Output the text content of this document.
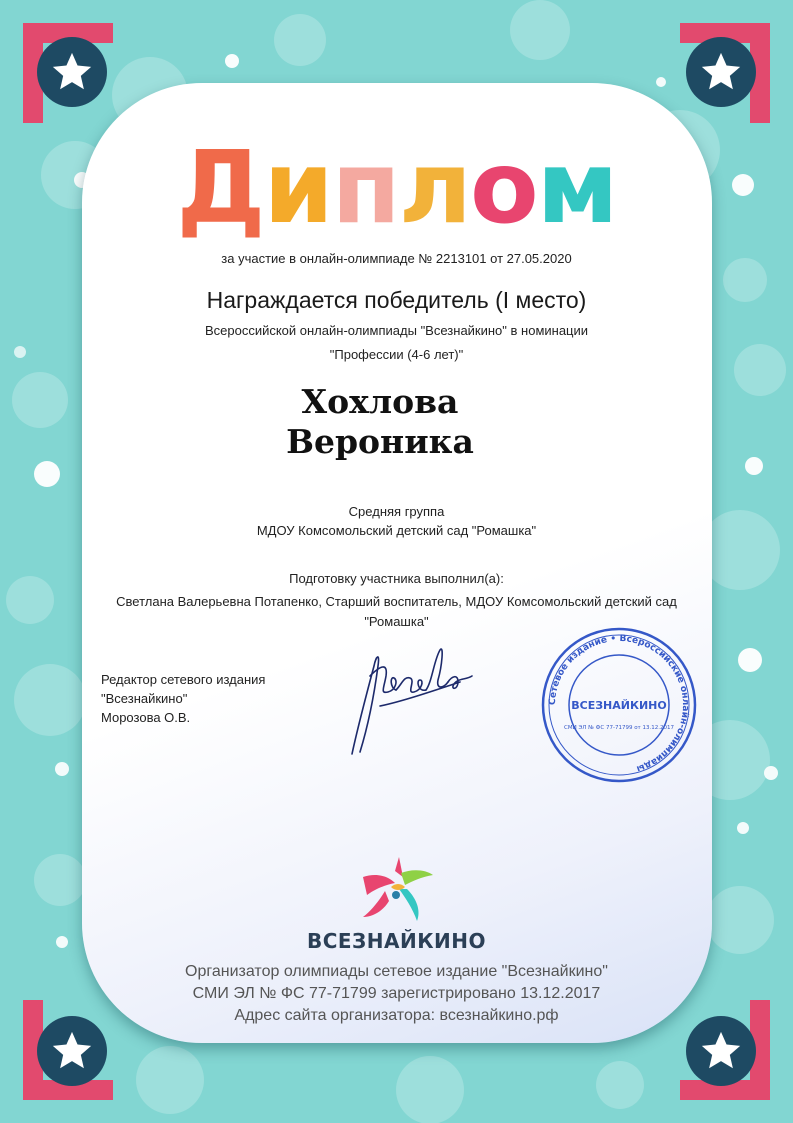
Диплом
за участие в онлайн-олимпиаде № 2213101 от 27.05.2020
Награждается победитель (I место)
Всероссийской онлайн-олимпиады "Всезнайкино" в номинации
"Профессии (4-6 лет)"
Хохлова
Вероника
Средняя группа
МДОУ Комсомольский детский сад "Ромашка"
Подготовку участника выполнил(а):
Светлана Валерьевна Потапенко, Старший воспитатель, МДОУ Комсомольский детский сад "Ромашка"
Редактор сетевого издания
"Всезнайкино"
Морозова О.В.
Сетевое издание • Всероссийские онлайн-олимпиады
ВСЕЗНАЙКИНО
СМИ ЭЛ № ФС 77-71799 от 13.12.2017
ВСЕЗНАЙКИНО
Организатор олимпиады сетевое издание "Всезнайкино"
СМИ ЭЛ № ФС 77-71799 зарегистрировано 13.12.2017
Адрес сайта организатора: всезнайкино.рф
